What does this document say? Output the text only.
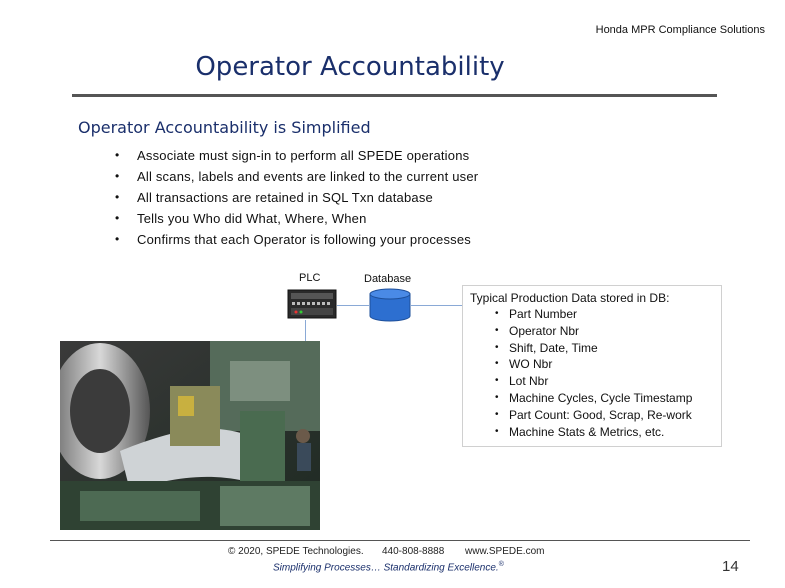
Honda MPR Compliance Solutions
Operator Accountability
Operator Accountability is Simplified
• Associate must sign-in to perform all SPEDE operations
• All scans, labels and events are linked to the current user
• All transactions are retained in SQL Txn database
• Tells you Who did What, Where, When
• Confirms that each Operator is following your processes
PLC	Database
Typical Production Data stored in DB:
• Part Number
• Operator Nbr
• Shift, Date, Time
• WO Nbr
• Lot Nbr
• Machine Cycles, Cycle Timestamp
• Part Count: Good, Scrap, Re-work
• Machine Stats & Metrics, etc.
© 2020, SPEDE Technologies. 440-808-8888 www.SPEDE.com
Simplifying Processes… Standardizing Excellence.®	14
